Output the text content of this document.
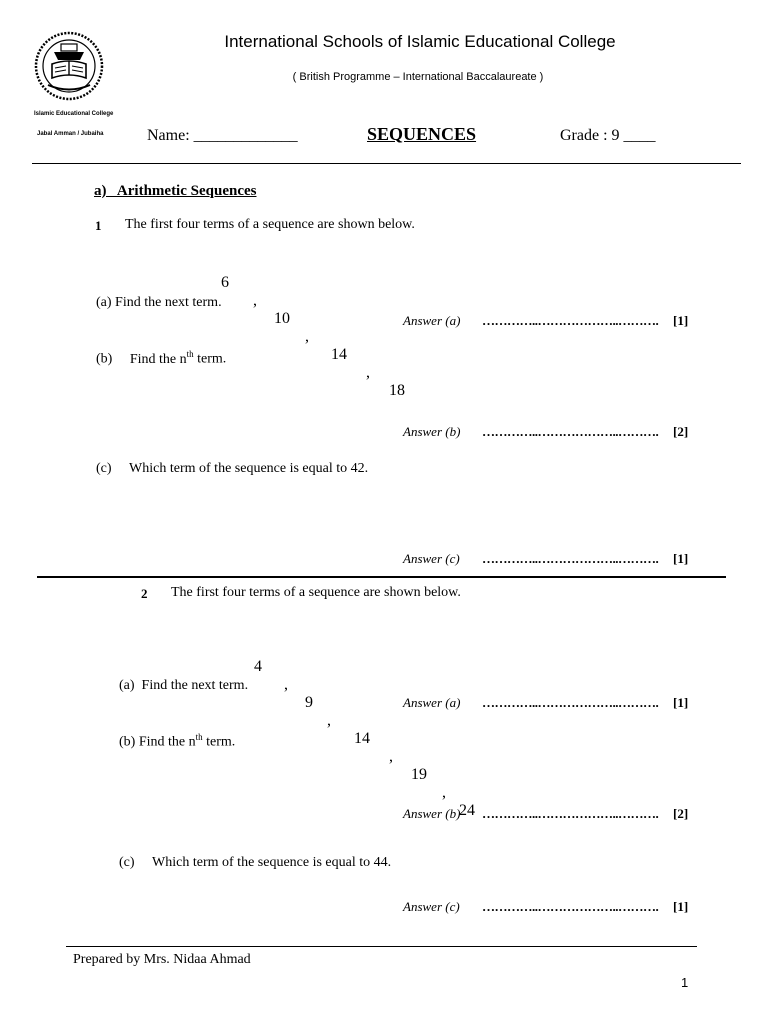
Islamic Educational College
Jabal Amman / Jubaiha
International Schools of Islamic Educational College
( British Programme – International Baccalaureate )
Name: _____________	SEQUENCES	Grade : 9 ____
a)   Arithmetic Sequences
1 The first four terms of a sequence are shown below.

6

,

10

,

14

,

18

(a) Find the next term.
Answer (a) …………..………………..………. [1]
(b) Find the $n^{th}$ term.
Answer (b) …………..………………..………. [2]
(c) Which term of the sequence is equal to 42.
Answer (c) …………..………………..………. [1]
2 The first four terms of a sequence are shown below.

4

,

9

,

14

,

19

,

24

(a)  Find the next term.
Answer (a) …………..………………..………. [1]
(b) Find the $n^{th}$ term.
Answer (b) …………..………………..………. [2]
(c) Which term of the sequence is equal to 44.
Answer (c) …………..………………..………. [1]
Prepared by Mrs. Nidaa Ahmad
1
